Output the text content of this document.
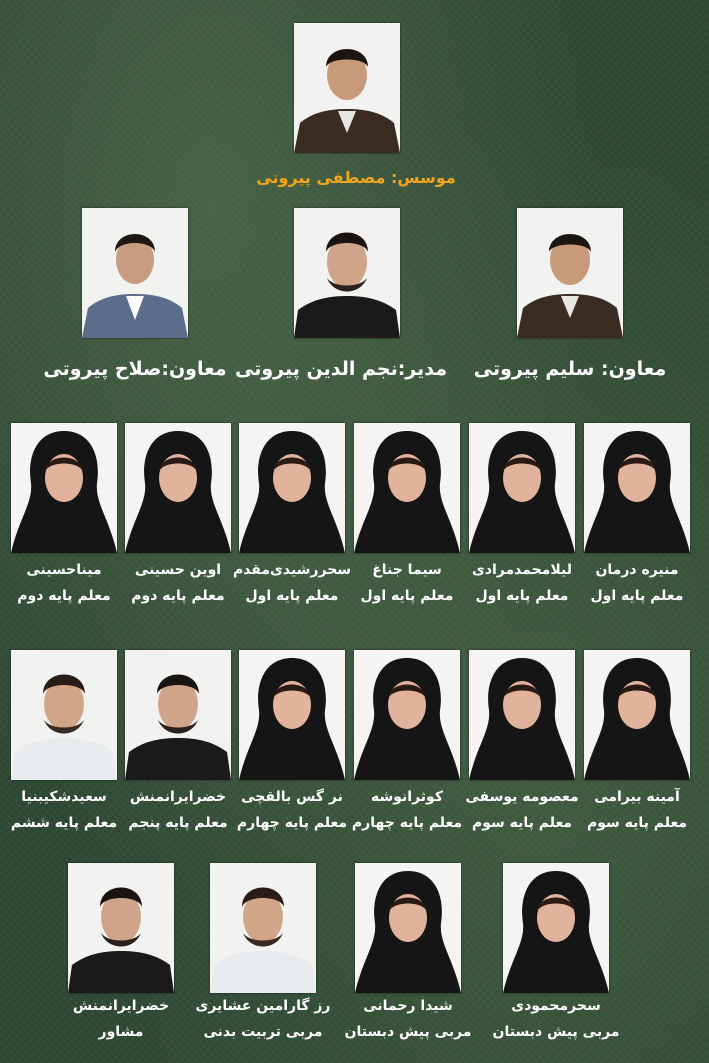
موسس: مصطفی پیروتی
معاون: سلیم پیروتی
مدیر:نجم الدین پیروتی
معاون:صلاح پیروتی
منیره درمان
معلم پایه اول
لیلامحمدمرادی
معلم پایه اول
سیما جناغ
معلم پایه اول
سحررشیدی‌مقدم
معلم پایه اول
اوین حسینی
معلم پایه دوم
میناحسینی
معلم پایه دوم
آمینه بیرامی
معلم پایه سوم
معصومه یوسفی
معلم پایه سوم
کوثرانوشه
معلم پایه چهارم
نر گس بالقچی
معلم پایه چهارم
خضرایرانمنش
معلم پایه پنجم
سعیدشکیبنیا
معلم پایه ششم
سحرمحمودی
مربی پیش دبستان
شیدا رحمانی
مربی پیش دبستان
رز گارامین عشایری
مربی تربیت بدنی
خضرایرانمنش
مشاور
